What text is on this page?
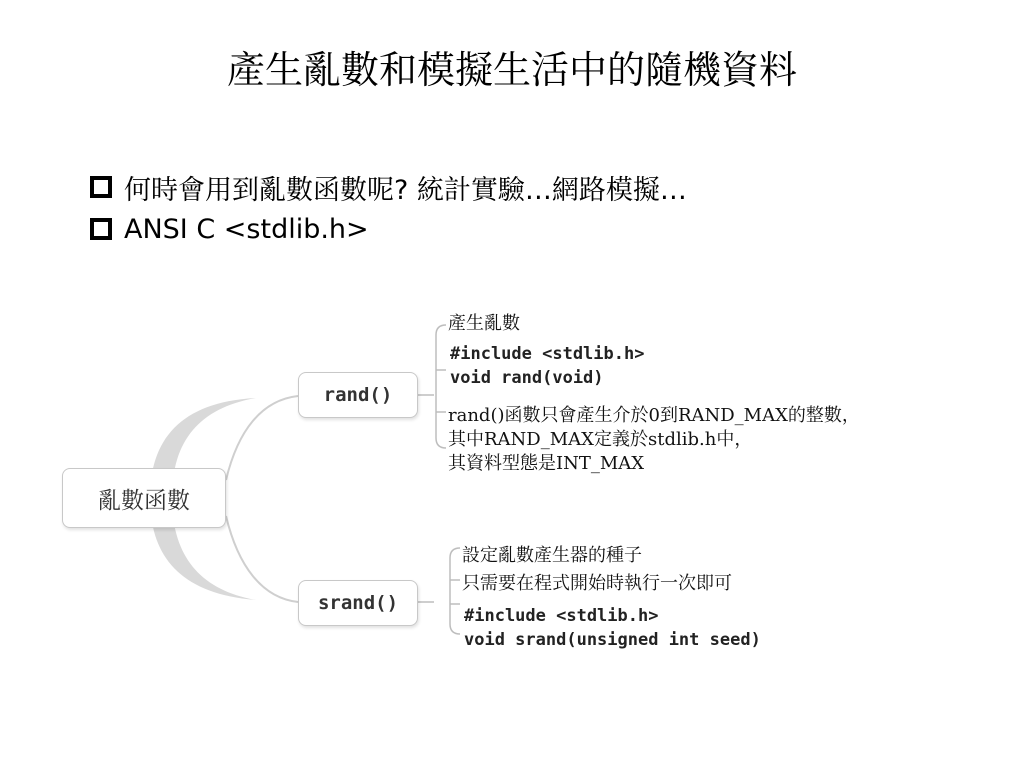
產生亂數和模擬生活中的隨機資料
何時會用到亂數函數呢? 統計實驗…網路模擬…
ANSI C <stdlib.h>
亂數函數
rand()
srand()
產生亂數
#include <stdlib.h>
void rand(void)
rand()函數只會產生介於0到RAND_MAX的整數，
其中RAND_MAX定義於stdlib.h中，
其資料型態是INT_MAX
設定亂數產生器的種子
只需要在程式開始時執行一次即可
#include <stdlib.h>
void srand(unsigned int seed)
